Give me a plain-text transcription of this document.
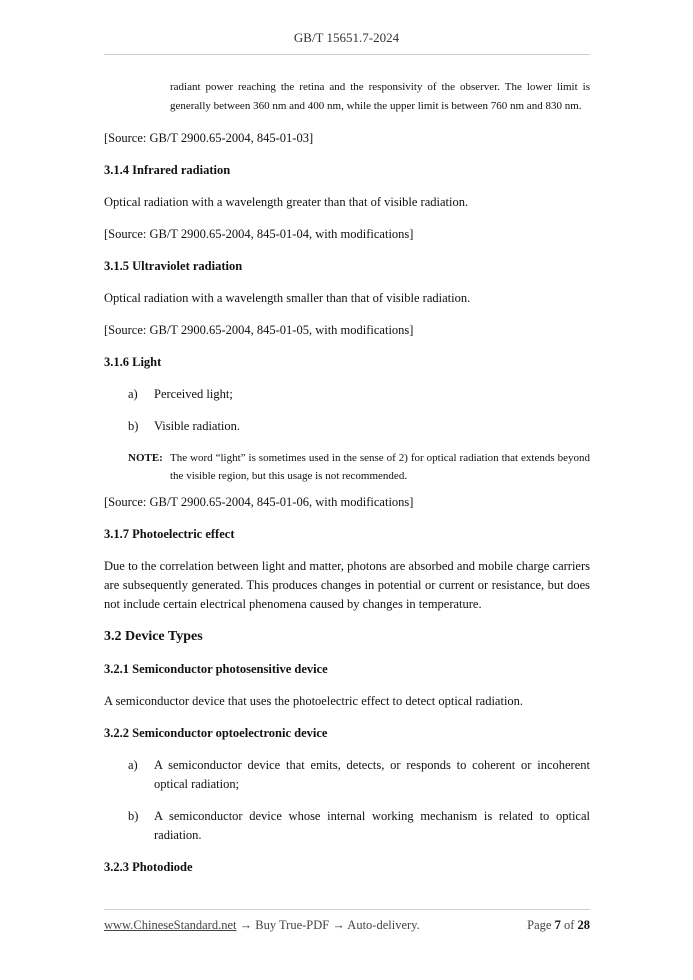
GB/T 15651.7-2024

radiant power reaching the retina and the responsivity of the observer. The lower limit is generally between 360 nm and 400 nm, while the upper limit is between 760 nm and 830 nm.

[Source: GB/T 2900.65-2004, 845-01-03]

3.1.4 Infrared radiation

Optical radiation with a wavelength greater than that of visible radiation.

[Source: GB/T 2900.65-2004, 845-01-04, with modifications]

3.1.5 Ultraviolet radiation

Optical radiation with a wavelength smaller than that of visible radiation.

[Source: GB/T 2900.65-2004, 845-01-05, with modifications]

3.1.6 Light

a)	Perceived light;
b)	Visible radiation.
NOTE: The word “light” is sometimes used in the sense of 2) for optical radiation that extends beyond the visible region, but this usage is not recommended.

[Source: GB/T 2900.65-2004, 845-01-06, with modifications]

3.1.7 Photoelectric effect

Due to the correlation between light and matter, photons are absorbed and mobile charge carriers are subsequently generated. This produces changes in potential or current or resistance, but does not include certain electrical phenomena caused by changes in temperature.

3.2 Device Types

3.2.1 Semiconductor photosensitive device

A semiconductor device that uses the photoelectric effect to detect optical radiation.

3.2.2 Semiconductor optoelectronic device

a)	A semiconductor device that emits, detects, or responds to coherent or incoherent optical radiation;
b)	A semiconductor device whose internal working mechanism is related to optical radiation.

3.2.3 Photodiode

www.ChineseStandard.net → Buy True-PDF → Auto-delivery.	Page 7 of 28
